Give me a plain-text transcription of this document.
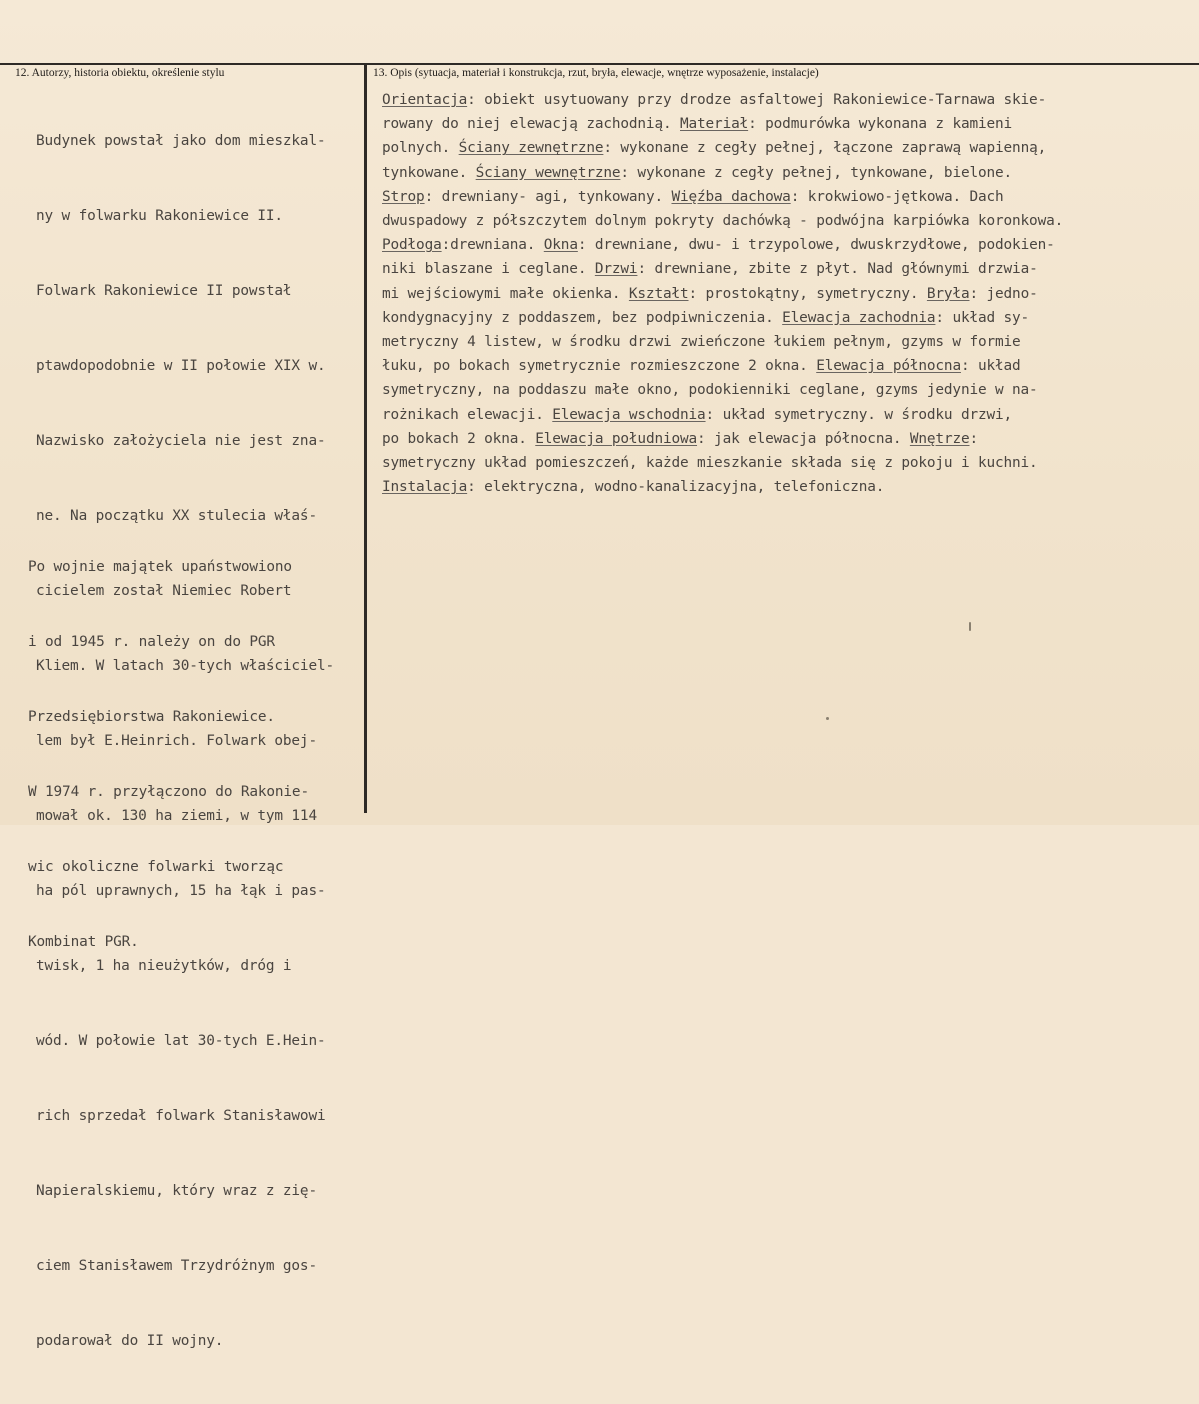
12. Autorzy, historia obiektu, określenie stylu	13. Opis (sytuacja, materiał i konstrukcja, rzut, bryła, elewacje, wnętrze wyposażenie, instalacje)

Budynek powstał jako dom mieszkal-

ny w folwarku Rakoniewice II.

Folwark Rakoniewice II powstał

ptawdopodobnie w II połowie XIX w.

Nazwisko założyciela nie jest zna-

ne. Na początku XX stulecia właś-

cicielem został Niemiec Robert

Kliem. W latach 30-tych właściciel-

lem był E.Heinrich. Folwark obej-

mował ok. 130 ha ziemi, w tym 114

ha pól uprawnych, 15 ha łąk i pas-

twisk, 1 ha nieużytków, dróg i

wód. W połowie lat 30-tych E.Hein-

rich sprzedał folwark Stanisławowi

Napieralskiemu, który wraz z zię-

ciem Stanisławem Trzydróżnym gos-

podarował do II wojny.

Po wojnie majątek upaństwowiono

i od 1945 r. należy on do PGR

Przedsiębiorstwa Rakoniewice.

W 1974 r. przyłączono do Rakonie-

wic okoliczne folwarki tworząc

Kombinat PGR.

Orientacja: obiekt usytuowany przy drodze asfaltowej Rakoniewice-Tarnawa skie-
rowany do niej elewacją zachodnią. Materiał: podmurówka wykonana z kamieni
polnych. Ściany zewnętrzne: wykonane z cegły pełnej, łączone zaprawą wapienną,
tynkowane. Ściany wewnętrzne: wykonane z cegły pełnej, tynkowane, bielone.
Strop: drewniany- agi, tynkowany. Więźba dachowa: krokwiowo-jętkowa. Dach
dwuspadowy z półszczytem dolnym pokryty dachówką - podwójna karpiówka koronkowa.
Podłoga:drewniana. Okna: drewniane, dwu- i trzypolowe, dwuskrzydłowe, podokien-
niki blaszane i ceglane. Drzwi: drewniane, zbite z płyt. Nad głównymi drzwia-
mi wejściowymi małe okienka. Kształt: prostokątny, symetryczny. Bryła: jedno-
kondygnacyjny z poddaszem, bez podpiwniczenia. Elewacja zachodnia: układ sy-
metryczny 4 listew, w środku drzwi zwieńczone łukiem pełnym, gzyms w formie
łuku, po bokach symetrycznie rozmieszczone 2 okna. Elewacja północna: układ
symetryczny, na poddaszu małe okno, podokienniki ceglane, gzyms jedynie w na-
rożnikach elewacji. Elewacja wschodnia: układ symetryczny. w środku drzwi,
po bokach 2 okna. Elewacja południowa: jak elewacja północna. Wnętrze:
symetryczny układ pomieszczeń, każde mieszkanie składa się z pokoju i kuchni.
Instalacja: elektryczna, wodno-kanalizacyjna, telefoniczna.
